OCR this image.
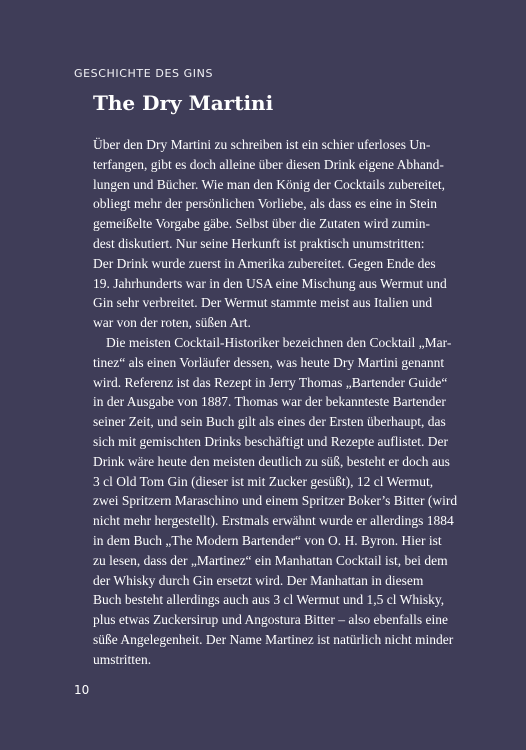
GESCHICHTE DES GINS
The Dry Martini

Über den Dry Martini zu schreiben ist ein schier uferloses Un-
terfangen, gibt es doch alleine über diesen Drink eigene Abhand-
lungen und Bücher. Wie man den König der Cocktails zubereitet,
obliegt mehr der persönlichen Vorliebe, als dass es eine in Stein
gemeißelte Vorgabe gäbe. Selbst über die Zutaten wird zumin-
dest diskutiert. Nur seine Herkunft ist praktisch unumstritten:
Der Drink wurde zuerst in Amerika zubereitet. Gegen Ende des
19. Jahrhunderts war in den USA eine Mischung aus Wermut und
Gin sehr verbreitet. Der Wermut stammte meist aus Italien und
war von der roten, süßen Art.

Die meisten Cocktail-Historiker bezeichnen den Cocktail „Mar-
tinez“ als einen Vorläufer dessen, was heute Dry Martini genannt
wird. Referenz ist das Rezept in Jerry Thomas „Bartender Guide“
in der Ausgabe von 1887. Thomas war der bekannteste Bartender
seiner Zeit, und sein Buch gilt als eines der Ersten überhaupt, das
sich mit gemischten Drinks beschäftigt und Rezepte auflistet. Der
Drink wäre heute den meisten deutlich zu süß, besteht er doch aus
3 cl Old Tom Gin (dieser ist mit Zucker gesüßt), 12 cl Wermut,
zwei Spritzern Maraschino und einem Spritzer Boker’s Bitter (wird
nicht mehr hergestellt). Erstmals erwähnt wurde er allerdings 1884
in dem Buch „The Modern Bartender“ von O. H. Byron. Hier ist
zu lesen, dass der „Martinez“ ein Manhattan Cocktail ist, bei dem
der Whisky durch Gin ersetzt wird. Der Manhattan in diesem
Buch besteht allerdings auch aus 3 cl Wermut und 1,5 cl Whisky,
plus etwas Zuckersirup und Angostura Bitter – also ebenfalls eine
süße Angelegenheit. Der Name Martinez ist natürlich nicht minder
umstritten.

10
